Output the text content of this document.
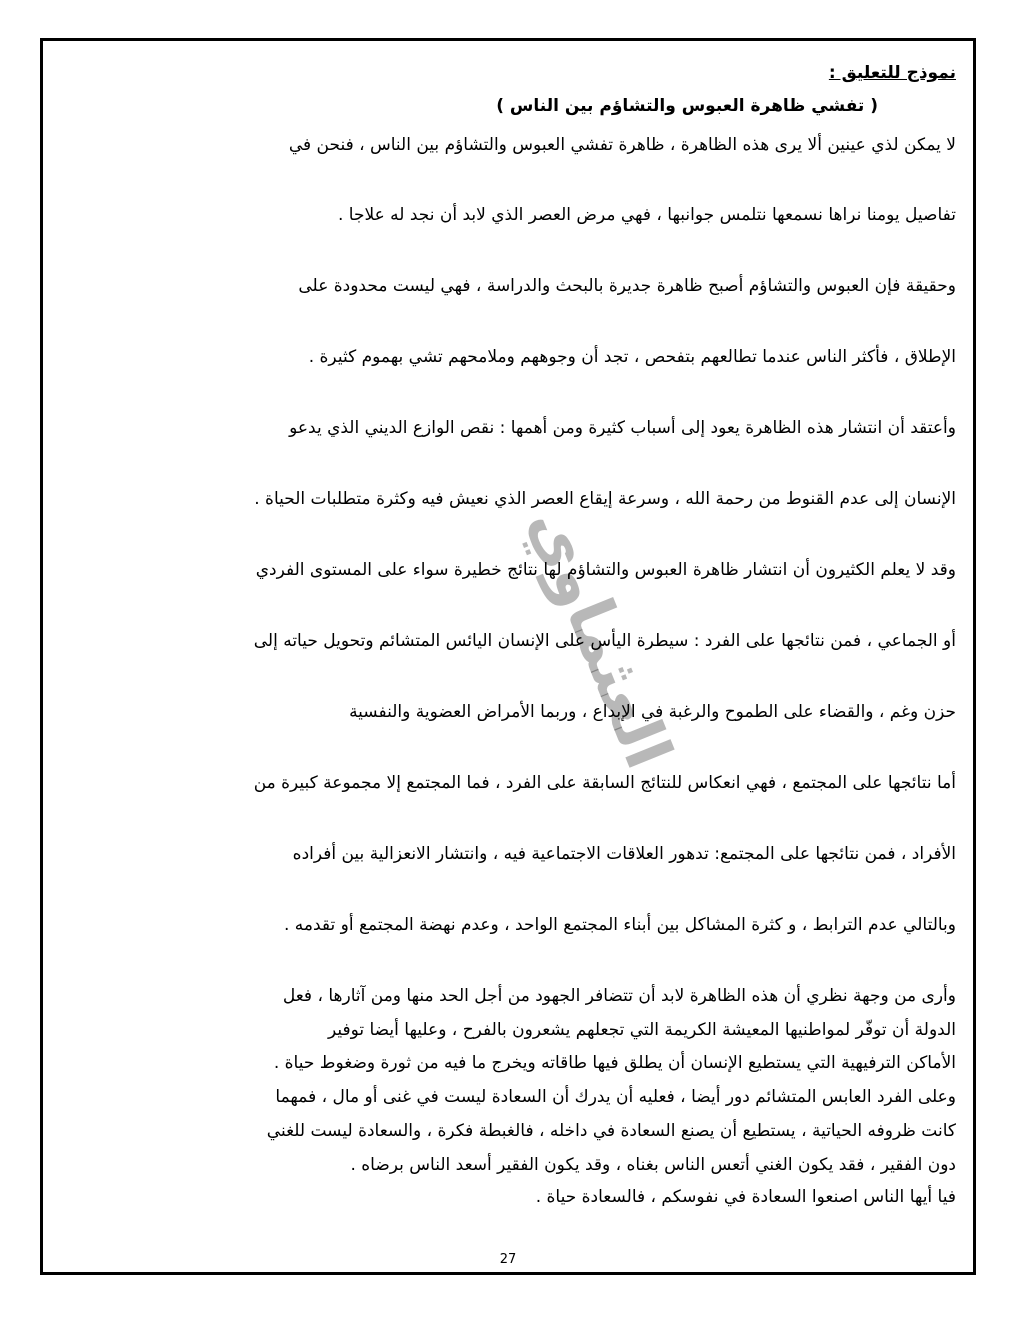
نموذج للتعليق :
( تفشي ظاهرة العبوس والتشاؤم بين الناس )
لا يمكن لذي عينين ألا يرى هذه الظاهرة ، ظاهرة تفشي العبوس والتشاؤم بين الناس ، فنحن في
تفاصيل يومنا نراها نسمعها نتلمس جوانبها ، فهي مرض العصر الذي لابد أن نجد له علاجا .
وحقيقة فإن العبوس والتشاؤم أصبح ظاهرة جديرة بالبحث والدراسة ، فهي ليست محدودة على
الإطلاق ، فأكثر الناس عندما تطالعهم بتفحص ، تجد أن وجوههم وملامحهم تشي بهموم كثيرة .
وأعتقد أن انتشار هذه الظاهرة يعود إلى أسباب كثيرة ومن أهمها : نقص الوازع الديني الذي يدعو
الإنسان إلى عدم القنوط من رحمة الله ، وسرعة إيقاع العصر الذي نعيش فيه وكثرة متطلبات الحياة .
وقد لا يعلم الكثيرون أن انتشار ظاهرة العبوس والتشاؤم لها نتائج خطيرة سواء على المستوى الفردي
أو الجماعي ، فمن نتائجها على الفرد : سيطرة اليأس على الإنسان اليائس المتشائم وتحويل حياته إلى
حزن وغم ، والقضاء على الطموح والرغبة في الإبداع ، وربما الأمراض العضوية والنفسية
أما نتائجها على المجتمع ، فهي انعكاس للنتائج السابقة على الفرد ، فما المجتمع إلا مجموعة كبيرة من
الأفراد ، فمن نتائجها على المجتمع: تدهور العلاقات الاجتماعية فيه ، وانتشار الانعزالية بين أفراده
وبالتالي عدم الترابط ، و كثرة المشاكل بين أبناء المجتمع الواحد ، وعدم نهضة المجتمع أو تقدمه .
وأرى من وجهة نظري أن هذه الظاهرة لابد أن تتضافر الجهود من أجل الحد منها ومن آثارها ، فعل
الدولة أن توفّر لمواطنيها المعيشة الكريمة التي تجعلهم يشعرون بالفرح ، وعليها أيضا توفير
الأماكن الترفيهية التي يستطيع الإنسان أن يطلق فيها طاقاته ويخرج ما فيه من ثورة وضغوط حياة .
وعلى الفرد العابس المتشائم دور أيضا ، فعليه أن يدرك أن السعادة ليست في غنى أو مال ، فمهما
كانت ظروفه الحياتية ، يستطيع أن يصنع السعادة في داخله ، فالغبطة فكرة ، والسعادة ليست للغني
دون الفقير ، فقد يكون الغني أتعس الناس بغناه ، وقد يكون الفقير أسعد الناس برضاه .
فيا أيها الناس اصنعوا السعادة في نفوسكم ، فالسعادة حياة .
27
العثماوي
